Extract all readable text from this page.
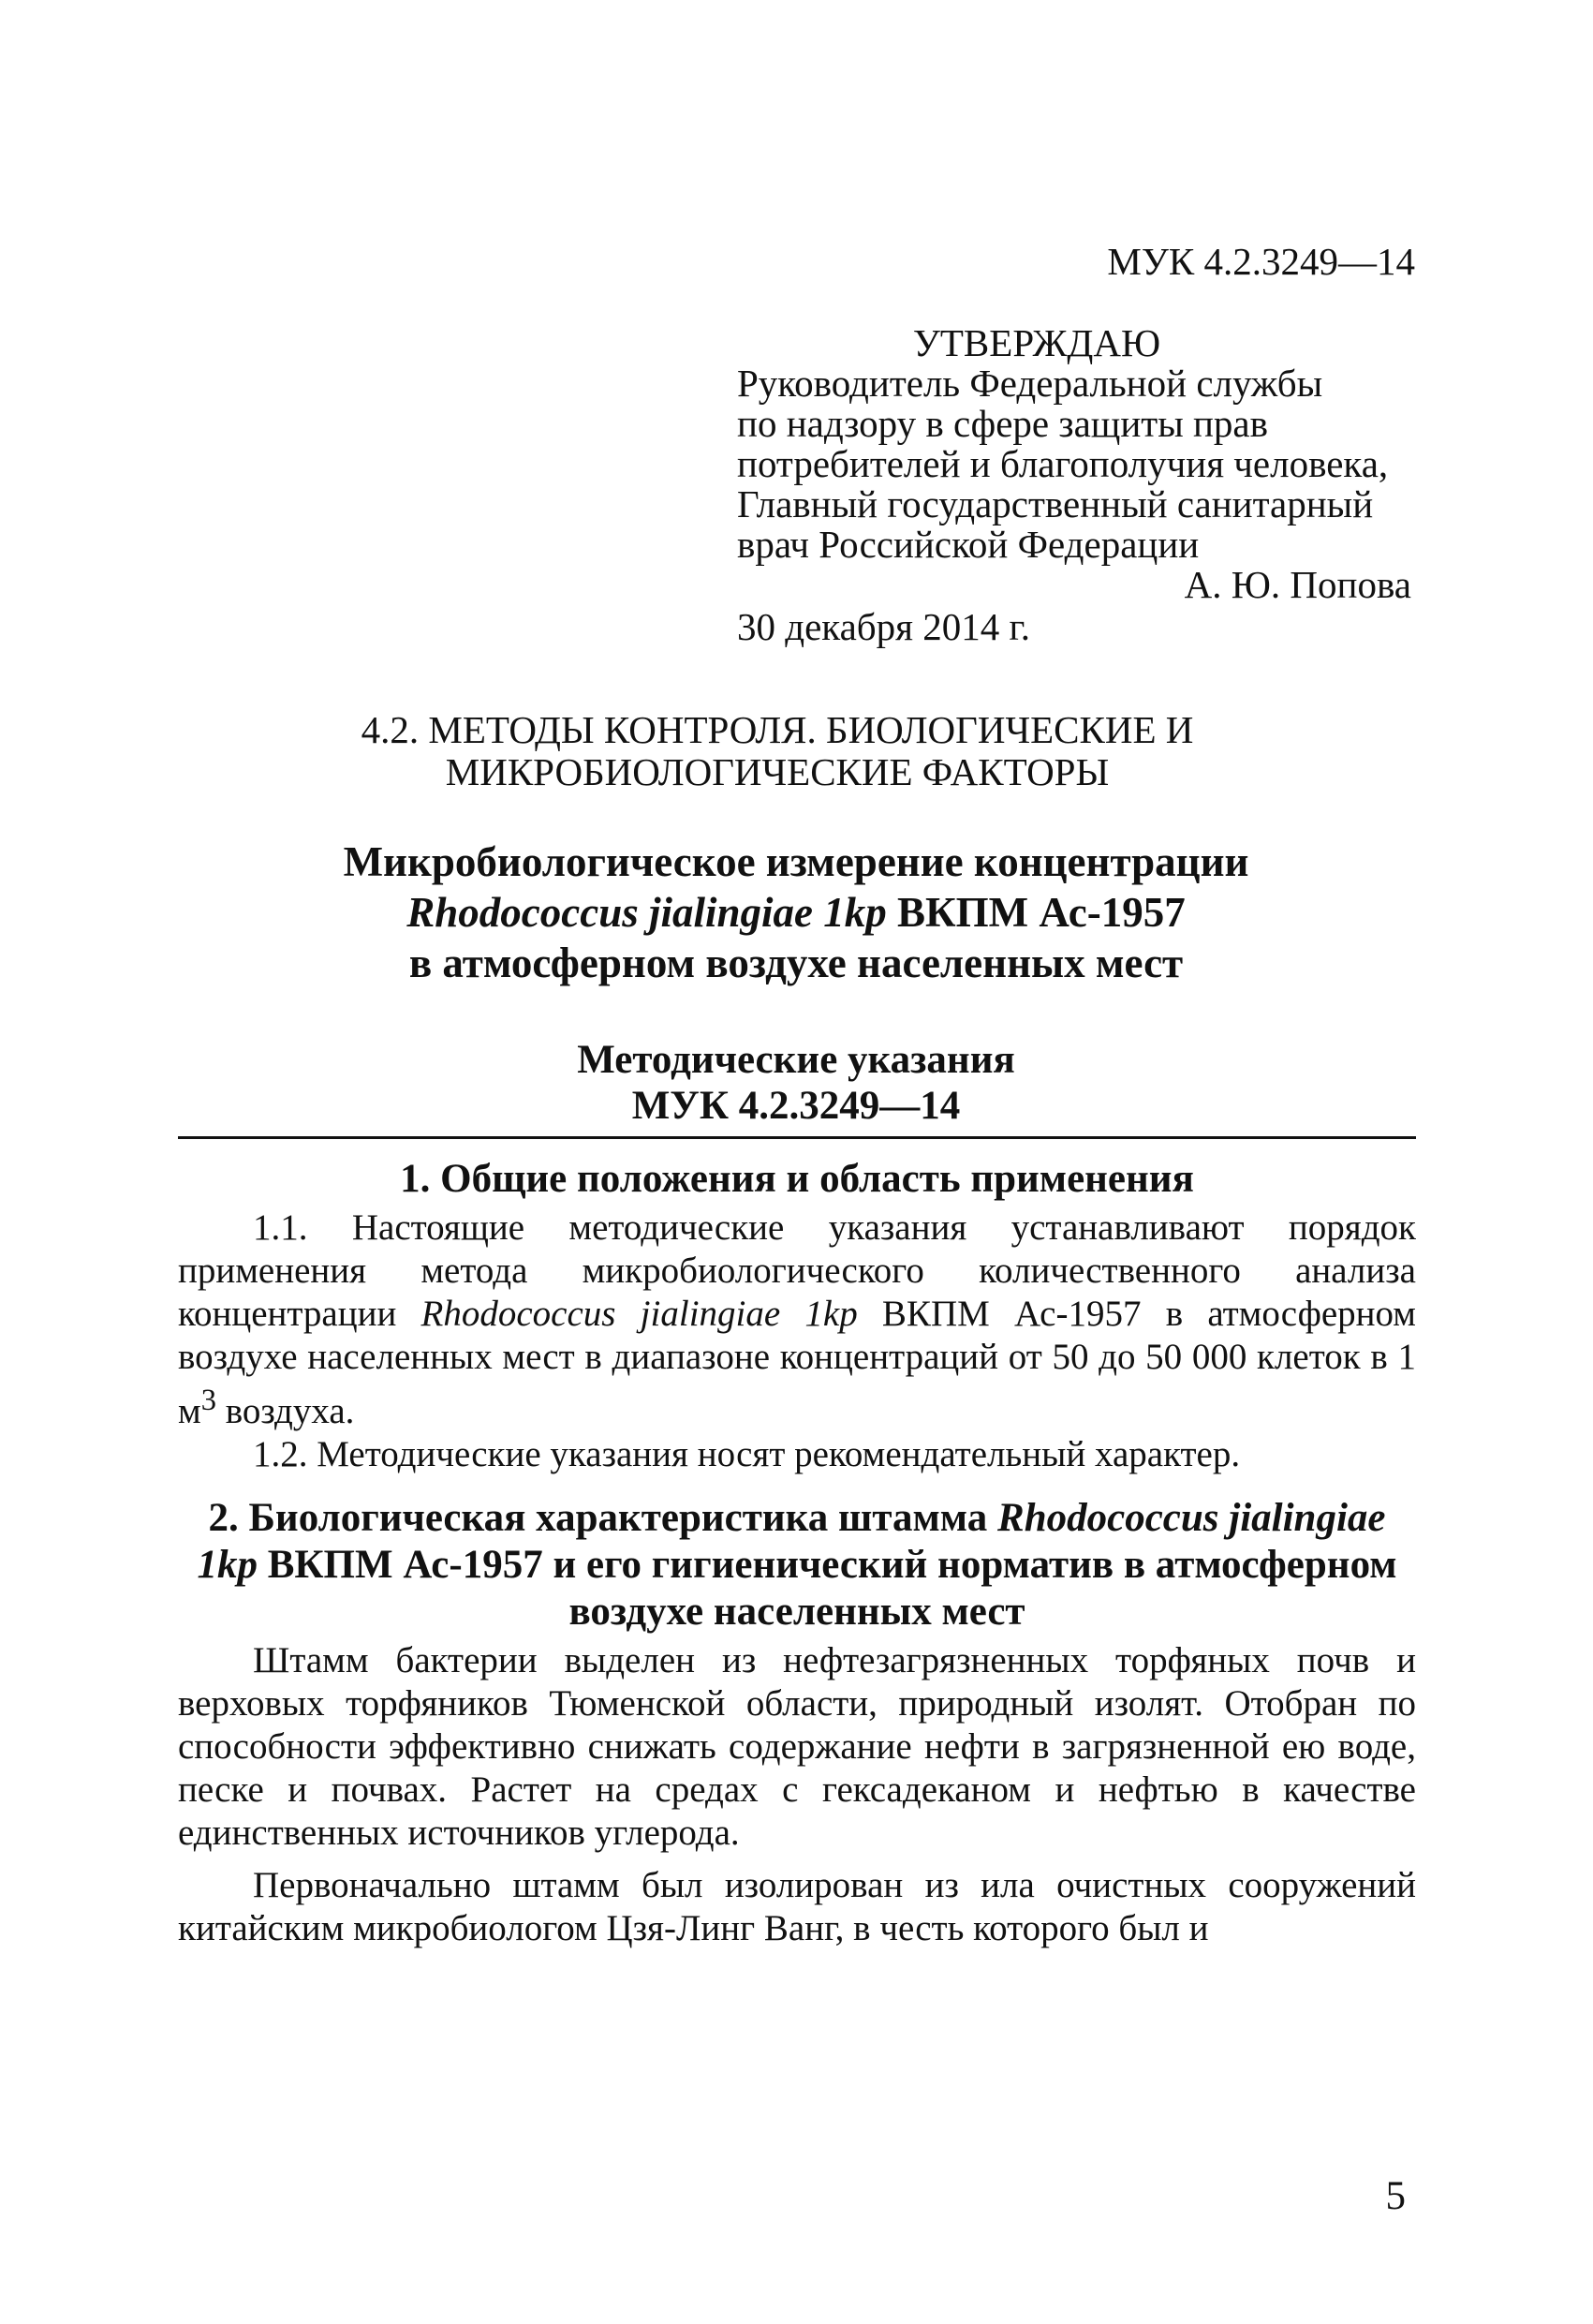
МУК 4.2.3249—14
УТВЕРЖДАЮ
Руководитель Федеральной службы
по надзору в сфере защиты прав
потребителей и благополучия человека,
Главный государственный санитарный
врач Российской Федерации
А. Ю. Попова
30 декабря 2014 г.
4.2. МЕТОДЫ КОНТРОЛЯ. БИОЛОГИЧЕСКИЕ И
МИКРОБИОЛОГИЧЕСКИЕ ФАКТОРЫ
Микробиологическое измерение концентрации
Rhodococcus jialingiae 1kp ВКПМ Ас-1957
в атмосферном воздухе населенных мест
Методические указания
МУК 4.2.3249—14
1. Общие положения и область применения

1.1. Настоящие методические указания устанавливают порядок применения метода микробиологического количественного анализа концентрации Rhodococcus jialingiae 1kp ВКПМ Ас-1957 в атмосферном воздухе населенных мест в диапазоне концентраций от 50 до 50 000 клеток в 1 $м^3$ воздуха.

1.2. Методические указания носят рекомендательный характер.

2. Биологическая характеристика штамма Rhodococcus jialingiae 1kp ВКПМ Ас-1957 и его гигиенический норматив в атмосферном воздухе населенных мест

Штамм бактерии выделен из нефтезагрязненных торфяных почв и верховых торфяников Тюменской области, природный изолят. Отобран по способности эффективно снижать содержание нефти в загрязненной ею воде, песке и почвах. Растет на средах с гексадеканом и нефтью в качестве единственных источников углерода.

Первоначально штамм был изолирован из ила очистных сооружений китайским микробиологом Цзя-Линг Ванг, в честь которого был и

5
